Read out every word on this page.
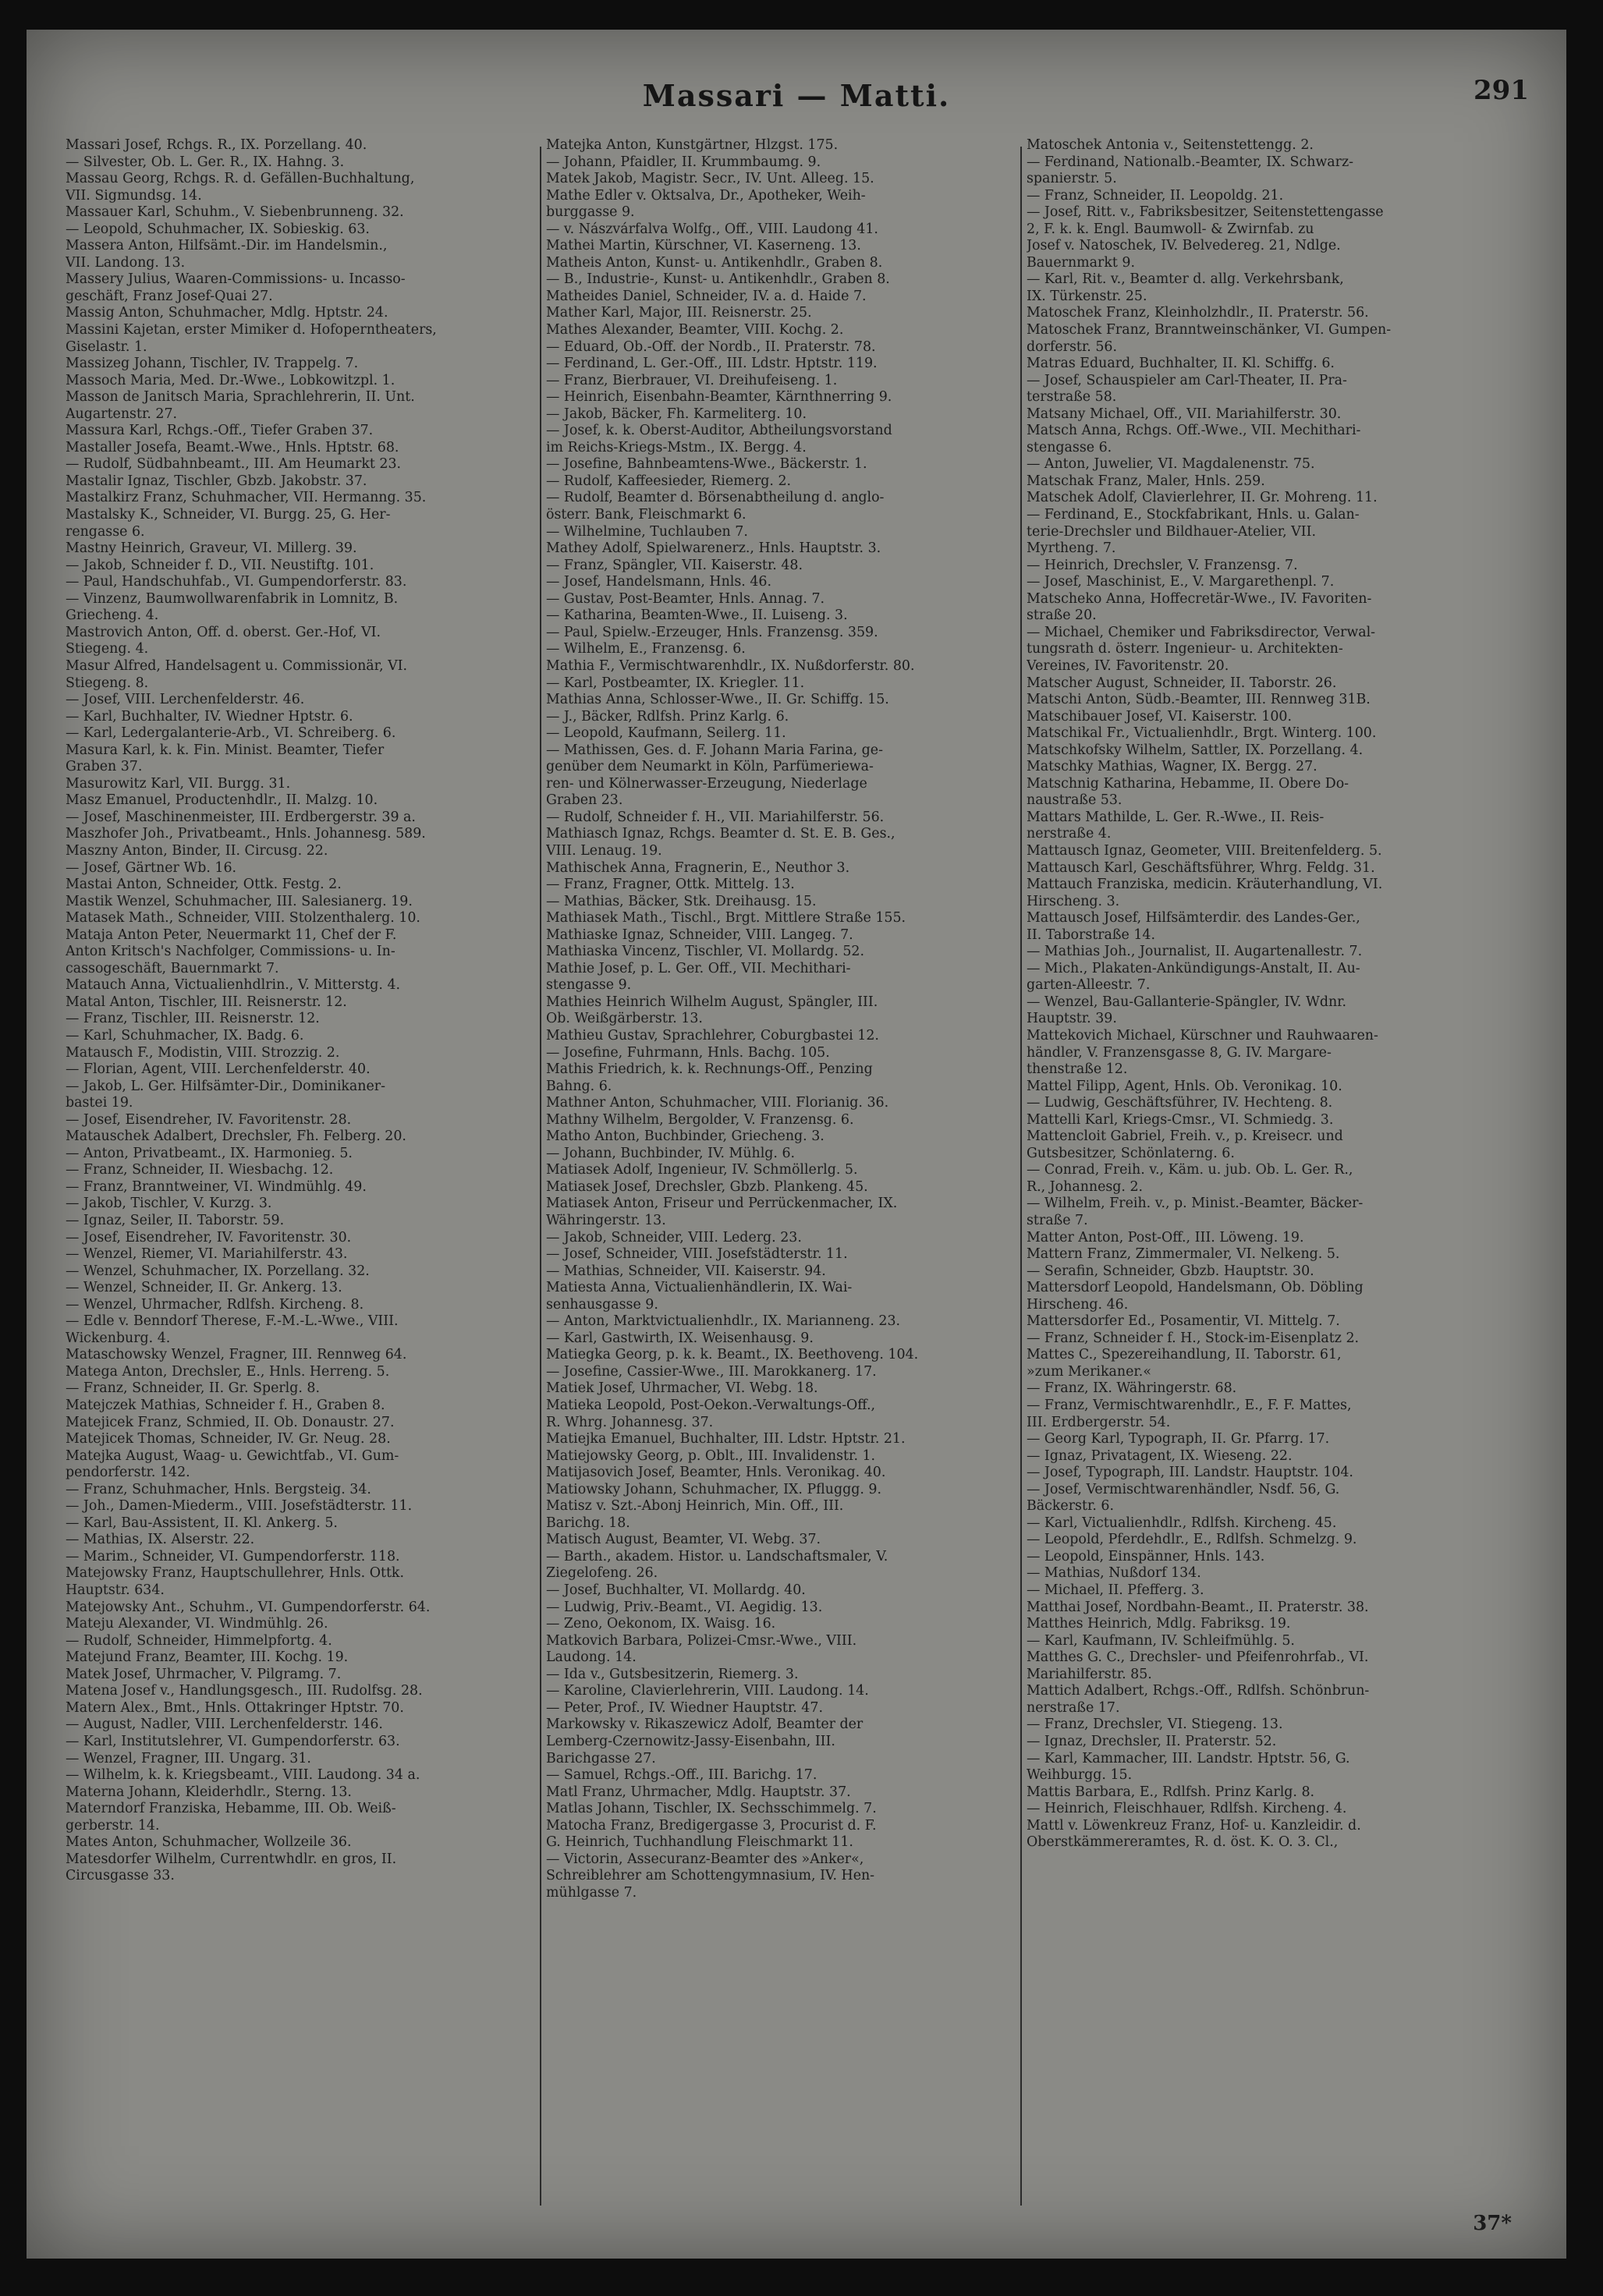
Massari — Matti.	291
Massari Josef, Rchgs. R., IX. Porzellang. 40.
— Silvester, Ob. L. Ger. R., IX. Hahng. 3.
Massau Georg, Rchgs. R. d. Gefällen-Buchhaltung,
VII. Sigmundsg. 14.
Massauer Karl, Schuhm., V. Siebenbrunneng. 32.
— Leopold, Schuhmacher, IX. Sobieskig. 63.
Massera Anton, Hilfsämt.-Dir. im Handelsmin.,
VII. Landong. 13.
Massery Julius, Waaren-Commissions- u. Incasso-
geschäft, Franz Josef-Quai 27.
Massig Anton, Schuhmacher, Mdlg. Hptstr. 24.
Massini Kajetan, erster Mimiker d. Hofoperntheaters,
Giselastr. 1.
Massizeg Johann, Tischler, IV. Trappelg. 7.
Massoch Maria, Med. Dr.-Wwe., Lobkowitzpl. 1.
Masson de Janitsch Maria, Sprachlehrerin, II. Unt.
Augartenstr. 27.
Massura Karl, Rchgs.-Off., Tiefer Graben 37.
Mastaller Josefa, Beamt.-Wwe., Hnls. Hptstr. 68.
— Rudolf, Südbahnbeamt., III. Am Heumarkt 23.
Mastalir Ignaz, Tischler, Gbzb. Jakobstr. 37.
Mastalkirz Franz, Schuhmacher, VII. Hermanng. 35.
Mastalsky K., Schneider, VI. Burgg. 25, G. Her-
rengasse 6.
Mastny Heinrich, Graveur, VI. Millerg. 39.
— Jakob, Schneider f. D., VII. Neustiftg. 101.
— Paul, Handschuhfab., VI. Gumpendorferstr. 83.
— Vinzenz, Baumwollwarenfabrik in Lomnitz, B.
Griecheng. 4.
Mastrovich Anton, Off. d. oberst. Ger.-Hof, VI.
Stiegeng. 4.
Masur Alfred, Handelsagent u. Commissionär, VI.
Stiegeng. 8.
— Josef, VIII. Lerchenfelderstr. 46.
— Karl, Buchhalter, IV. Wiedner Hptstr. 6.
— Karl, Ledergalanterie-Arb., VI. Schreiberg. 6.
Masura Karl, k. k. Fin. Minist. Beamter, Tiefer
Graben 37.
Masurowitz Karl, VII. Burgg. 31.
Masz Emanuel, Productenhdlr., II. Malzg. 10.
— Josef, Maschinenmeister, III. Erdbergerstr. 39 a.
Maszhofer Joh., Privatbeamt., Hnls. Johannesg. 589.
Maszny Anton, Binder, II. Circusg. 22.
— Josef, Gärtner Wb. 16.
Mastai Anton, Schneider, Ottk. Festg. 2.
Mastik Wenzel, Schuhmacher, III. Salesianerg. 19.
Matasek Math., Schneider, VIII. Stolzenthalerg. 10.
Mataja Anton Peter, Neuermarkt 11, Chef der F.
Anton Kritsch's Nachfolger, Commissions- u. In-
cassogeschäft, Bauernmarkt 7.
Matauch Anna, Victualienhdlrin., V. Mitterstg. 4.
Matal Anton, Tischler, III. Reisnerstr. 12.
— Franz, Tischler, III. Reisnerstr. 12.
— Karl, Schuhmacher, IX. Badg. 6.
Matausch F., Modistin, VIII. Strozzig. 2.
— Florian, Agent, VIII. Lerchenfelderstr. 40.
— Jakob, L. Ger. Hilfsämter-Dir., Dominikaner-
bastei 19.
— Josef, Eisendreher, IV. Favoritenstr. 28.
Matauschek Adalbert, Drechsler, Fh. Felberg. 20.
— Anton, Privatbeamt., IX. Harmonieg. 5.
— Franz, Schneider, II. Wiesbachg. 12.
— Franz, Branntweiner, VI. Windmühlg. 49.
— Jakob, Tischler, V. Kurzg. 3.
— Ignaz, Seiler, II. Taborstr. 59.
— Josef, Eisendreher, IV. Favoritenstr. 30.
— Wenzel, Riemer, VI. Mariahilferstr. 43.
— Wenzel, Schuhmacher, IX. Porzellang. 32.
— Wenzel, Schneider, II. Gr. Ankerg. 13.
— Wenzel, Uhrmacher, Rdlfsh. Kircheng. 8.
— Edle v. Benndorf Therese, F.-M.-L.-Wwe., VIII.
Wickenburg. 4.
Mataschowsky Wenzel, Fragner, III. Rennweg 64.
Matega Anton, Drechsler, E., Hnls. Herreng. 5.
— Franz, Schneider, II. Gr. Sperlg. 8.
Matejczek Mathias, Schneider f. H., Graben 8.
Matejicek Franz, Schmied, II. Ob. Donaustr. 27.
Matejicek Thomas, Schneider, IV. Gr. Neug. 28.
Matejka August, Waag- u. Gewichtfab., VI. Gum-
pendorferstr. 142.
— Franz, Schuhmacher, Hnls. Bergsteig. 34.
— Joh., Damen-Miederm., VIII. Josefstädterstr. 11.
— Karl, Bau-Assistent, II. Kl. Ankerg. 5.
— Mathias, IX. Alserstr. 22.
— Marim., Schneider, VI. Gumpendorferstr. 118.
Matejowsky Franz, Hauptschullehrer, Hnls. Ottk.
Hauptstr. 634.
Matejowsky Ant., Schuhm., VI. Gumpendorferstr. 64.
Mateju Alexander, VI. Windmühlg. 26.
— Rudolf, Schneider, Himmelpfortg. 4.
Matejund Franz, Beamter, III. Kochg. 19.
Matek Josef, Uhrmacher, V. Pilgramg. 7.
Matena Josef v., Handlungsgesch., III. Rudolfsg. 28.
Matern Alex., Bmt., Hnls. Ottakringer Hptstr. 70.
— August, Nadler, VIII. Lerchenfelderstr. 146.
— Karl, Institutslehrer, VI. Gumpendorferstr. 63.
— Wenzel, Fragner, III. Ungarg. 31.
— Wilhelm, k. k. Kriegsbeamt., VIII. Laudong. 34 a.
Materna Johann, Kleiderhdlr., Sterng. 13.
Materndorf Franziska, Hebamme, III. Ob. Weiß-
gerberstr. 14.
Mates Anton, Schuhmacher, Wollzeile 36.
Matesdorfer Wilhelm, Currentwhdlr. en gros, II.
Circusgasse 33.
Matejka Anton, Kunstgärtner, Hlzgst. 175.
— Johann, Pfaidler, II. Krummbaumg. 9.
Matek Jakob, Magistr. Secr., IV. Unt. Alleeg. 15.
Mathe Edler v. Oktsalva, Dr., Apotheker, Weih-
burggasse 9.
— v. Nászvárfalva Wolfg., Off., VIII. Laudong 41.
Mathei Martin, Kürschner, VI. Kaserneng. 13.
Matheis Anton, Kunst- u. Antikenhdlr., Graben 8.
— B., Industrie-, Kunst- u. Antikenhdlr., Graben 8.
Matheides Daniel, Schneider, IV. a. d. Haide 7.
Mather Karl, Major, III. Reisnerstr. 25.
Mathes Alexander, Beamter, VIII. Kochg. 2.
— Eduard, Ob.-Off. der Nordb., II. Praterstr. 78.
— Ferdinand, L. Ger.-Off., III. Ldstr. Hptstr. 119.
— Franz, Bierbrauer, VI. Dreihufeiseng. 1.
— Heinrich, Eisenbahn-Beamter, Kärnthnerring 9.
— Jakob, Bäcker, Fh. Karmeliterg. 10.
— Josef, k. k. Oberst-Auditor, Abtheilungsvorstand
im Reichs-Kriegs-Mstm., IX. Bergg. 4.
— Josefine, Bahnbeamtens-Wwe., Bäckerstr. 1.
— Rudolf, Kaffeesieder, Riemerg. 2.
— Rudolf, Beamter d. Börsenabtheilung d. anglo-
österr. Bank, Fleischmarkt 6.
— Wilhelmine, Tuchlauben 7.
Mathey Adolf, Spielwarenerz., Hnls. Hauptstr. 3.
— Franz, Spängler, VII. Kaiserstr. 48.
— Josef, Handelsmann, Hnls. 46.
— Gustav, Post-Beamter, Hnls. Annag. 7.
— Katharina, Beamten-Wwe., II. Luiseng. 3.
— Paul, Spielw.-Erzeuger, Hnls. Franzensg. 359.
— Wilhelm, E., Franzensg. 6.
Mathia F., Vermischtwarenhdlr., IX. Nußdorferstr. 80.
— Karl, Postbeamter, IX. Kriegler. 11.
Mathias Anna, Schlosser-Wwe., II. Gr. Schiffg. 15.
— J., Bäcker, Rdlfsh. Prinz Karlg. 6.
— Leopold, Kaufmann, Seilerg. 11.
— Mathissen, Ges. d. F. Johann Maria Farina, ge-
genüber dem Neumarkt in Köln, Parfümeriewa-
ren- und Kölnerwasser-Erzeugung, Niederlage
Graben 23.
— Rudolf, Schneider f. H., VII. Mariahilferstr. 56.
Mathiasch Ignaz, Rchgs. Beamter d. St. E. B. Ges.,
VIII. Lenaug. 19.
Mathischek Anna, Fragnerin, E., Neuthor 3.
— Franz, Fragner, Ottk. Mittelg. 13.
— Mathias, Bäcker, Stk. Dreihausg. 15.
Mathiasek Math., Tischl., Brgt. Mittlere Straße 155.
Mathiaske Ignaz, Schneider, VIII. Langeg. 7.
Mathiaska Vincenz, Tischler, VI. Mollardg. 52.
Mathie Josef, p. L. Ger. Off., VII. Mechithari-
stengasse 9.
Mathies Heinrich Wilhelm August, Spängler, III.
Ob. Weißgärberstr. 13.
Mathieu Gustav, Sprachlehrer, Coburgbastei 12.
— Josefine, Fuhrmann, Hnls. Bachg. 105.
Mathis Friedrich, k. k. Rechnungs-Off., Penzing
Bahng. 6.
Mathner Anton, Schuhmacher, VIII. Florianig. 36.
Mathny Wilhelm, Bergolder, V. Franzensg. 6.
Matho Anton, Buchbinder, Griecheng. 3.
— Johann, Buchbinder, IV. Mühlg. 6.
Matiasek Adolf, Ingenieur, IV. Schmöllerlg. 5.
Matiasek Josef, Drechsler, Gbzb. Plankeng. 45.
Matiasek Anton, Friseur und Perrückenmacher, IX.
Währingerstr. 13.
— Jakob, Schneider, VIII. Lederg. 23.
— Josef, Schneider, VIII. Josefstädterstr. 11.
— Mathias, Schneider, VII. Kaiserstr. 94.
Matiesta Anna, Victualienhändlerin, IX. Wai-
senhausgasse 9.
— Anton, Marktvictualienhdlr., IX. Marianneng. 23.
— Karl, Gastwirth, IX. Weisenhausg. 9.
Matiegka Georg, p. k. k. Beamt., IX. Beethoveng. 104.
— Josefine, Cassier-Wwe., III. Marokkanerg. 17.
Matiek Josef, Uhrmacher, VI. Webg. 18.
Matieka Leopold, Post-Oekon.-Verwaltungs-Off.,
R. Whrg. Johannesg. 37.
Matiejka Emanuel, Buchhalter, III. Ldstr. Hptstr. 21.
Matiejowsky Georg, p. Oblt., III. Invalidenstr. 1.
Matijasovich Josef, Beamter, Hnls. Veronikag. 40.
Matiowsky Johann, Schuhmacher, IX. Pfluggg. 9.
Matisz v. Szt.-Abonj Heinrich, Min. Off., III.
Barichg. 18.
Matisch August, Beamter, VI. Webg. 37.
— Barth., akadem. Histor. u. Landschaftsmaler, V.
Ziegelofeng. 26.
— Josef, Buchhalter, VI. Mollardg. 40.
— Ludwig, Priv.-Beamt., VI. Aegidig. 13.
— Zeno, Oekonom, IX. Waisg. 16.
Matkovich Barbara, Polizei-Cmsr.-Wwe., VIII.
Laudong. 14.
— Ida v., Gutsbesitzerin, Riemerg. 3.
— Karoline, Clavierlehrerin, VIII. Laudong. 14.
— Peter, Prof., IV. Wiedner Hauptstr. 47.
Markowsky v. Rikaszewicz Adolf, Beamter der
Lemberg-Czernowitz-Jassy-Eisenbahn, III.
Barichgasse 27.
— Samuel, Rchgs.-Off., III. Barichg. 17.
Matl Franz, Uhrmacher, Mdlg. Hauptstr. 37.
Matlas Johann, Tischler, IX. Sechsschimmelg. 7.
Matocha Franz, Bredigergasse 3, Procurist d. F.
G. Heinrich, Tuchhandlung Fleischmarkt 11.
— Victorin, Assecuranz-Beamter des »Anker«,
Schreiblehrer am Schottengymnasium, IV. Hen-
mühlgasse 7.
Matoschek Antonia v., Seitenstettengg. 2.
— Ferdinand, Nationalb.-Beamter, IX. Schwarz-
spanierstr. 5.
— Franz, Schneider, II. Leopoldg. 21.
— Josef, Ritt. v., Fabriksbesitzer, Seitenstettengasse
2, F. k. k. Engl. Baumwoll- & Zwirnfab. zu
Josef v. Natoschek, IV. Belvedereg. 21, Ndlge.
Bauernmarkt 9.
— Karl, Rit. v., Beamter d. allg. Verkehrsbank,
IX. Türkenstr. 25.
Matoschek Franz, Kleinholzhdlr., II. Praterstr. 56.
Matoschek Franz, Branntweinschänker, VI. Gumpen-
dorferstr. 56.
Matras Eduard, Buchhalter, II. Kl. Schiffg. 6.
— Josef, Schauspieler am Carl-Theater, II. Pra-
terstraße 58.
Matsany Michael, Off., VII. Mariahilferstr. 30.
Matsch Anna, Rchgs. Off.-Wwe., VII. Mechithari-
stengasse 6.
— Anton, Juwelier, VI. Magdalenenstr. 75.
Matschak Franz, Maler, Hnls. 259.
Matschek Adolf, Clavierlehrer, II. Gr. Mohreng. 11.
— Ferdinand, E., Stockfabrikant, Hnls. u. Galan-
terie-Drechsler und Bildhauer-Atelier, VII.
Myrtheng. 7.
— Heinrich, Drechsler, V. Franzensg. 7.
— Josef, Maschinist, E., V. Margarethenpl. 7.
Matscheko Anna, Hoffecretär-Wwe., IV. Favoriten-
straße 20.
— Michael, Chemiker und Fabriksdirector, Verwal-
tungsrath d. österr. Ingenieur- u. Architekten-
Vereines, IV. Favoritenstr. 20.
Matscher August, Schneider, II. Taborstr. 26.
Matschi Anton, Südb.-Beamter, III. Rennweg 31B.
Matschibauer Josef, VI. Kaiserstr. 100.
Matschikal Fr., Victualienhdlr., Brgt. Winterg. 100.
Matschkofsky Wilhelm, Sattler, IX. Porzellang. 4.
Matschky Mathias, Wagner, IX. Bergg. 27.
Matschnig Katharina, Hebamme, II. Obere Do-
naustraße 53.
Mattars Mathilde, L. Ger. R.-Wwe., II. Reis-
nerstraße 4.
Mattausch Ignaz, Geometer, VIII. Breitenfelderg. 5.
Mattausch Karl, Geschäftsführer, Whrg. Feldg. 31.
Mattauch Franziska, medicin. Kräuterhandlung, VI.
Hirscheng. 3.
Mattausch Josef, Hilfsämterdir. des Landes-Ger.,
II. Taborstraße 14.
— Mathias Joh., Journalist, II. Augartenallestr. 7.
— Mich., Plakaten-Ankündigungs-Anstalt, II. Au-
garten-Alleestr. 7.
— Wenzel, Bau-Gallanterie-Spängler, IV. Wdnr.
Hauptstr. 39.
Mattekovich Michael, Kürschner und Rauhwaaren-
händler, V. Franzensgasse 8, G. IV. Margare-
thenstraße 12.
Mattel Filipp, Agent, Hnls. Ob. Veronikag. 10.
— Ludwig, Geschäftsführer, IV. Hechteng. 8.
Mattelli Karl, Kriegs-Cmsr., VI. Schmiedg. 3.
Mattencloit Gabriel, Freih. v., p. Kreisecr. und
Gutsbesitzer, Schönlaterng. 6.
— Conrad, Freih. v., Käm. u. jub. Ob. L. Ger. R.,
R., Johannesg. 2.
— Wilhelm, Freih. v., p. Minist.-Beamter, Bäcker-
straße 7.
Matter Anton, Post-Off., III. Löweng. 19.
Mattern Franz, Zimmermaler, VI. Nelkeng. 5.
— Serafin, Schneider, Gbzb. Hauptstr. 30.
Mattersdorf Leopold, Handelsmann, Ob. Döbling
Hirscheng. 46.
Mattersdorfer Ed., Posamentir, VI. Mittelg. 7.
— Franz, Schneider f. H., Stock-im-Eisenplatz 2.
Mattes C., Spezereihandlung, II. Taborstr. 61,
»zum Merikaner.«
— Franz, IX. Währingerstr. 68.
— Franz, Vermischtwarenhdlr., E., F. F. Mattes,
III. Erdbergerstr. 54.
— Georg Karl, Typograph, II. Gr. Pfarrg. 17.
— Ignaz, Privatagent, IX. Wieseng. 22.
— Josef, Typograph, III. Landstr. Hauptstr. 104.
— Josef, Vermischtwarenhändler, Nsdf. 56, G.
Bäckerstr. 6.
— Karl, Victualienhdlr., Rdlfsh. Kircheng. 45.
— Leopold, Pferdehdlr., E., Rdlfsh. Schmelzg. 9.
— Leopold, Einspänner, Hnls. 143.
— Mathias, Nußdorf 134.
— Michael, II. Pfefferg. 3.
Matthai Josef, Nordbahn-Beamt., II. Praterstr. 38.
Matthes Heinrich, Mdlg. Fabriksg. 19.
— Karl, Kaufmann, IV. Schleifmühlg. 5.
Matthes G. C., Drechsler- und Pfeifenrohrfab., VI.
Mariahilferstr. 85.
Mattich Adalbert, Rchgs.-Off., Rdlfsh. Schönbrun-
nerstraße 17.
— Franz, Drechsler, VI. Stiegeng. 13.
— Ignaz, Drechsler, II. Praterstr. 52.
— Karl, Kammacher, III. Landstr. Hptstr. 56, G.
Weihburgg. 15.
Mattis Barbara, E., Rdlfsh. Prinz Karlg. 8.
— Heinrich, Fleischhauer, Rdlfsh. Kircheng. 4.
Mattl v. Löwenkreuz Franz, Hof- u. Kanzleidir. d.
Oberstkämmereramtes, R. d. öst. K. O. 3. Cl.,
37*
